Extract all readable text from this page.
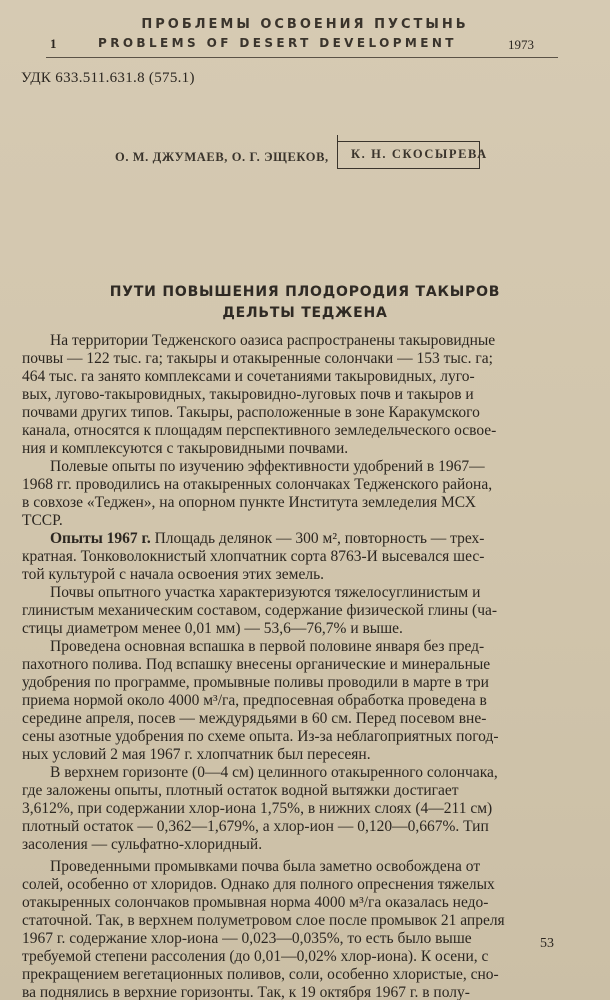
ПРОБЛЕМЫ ОСВОЕНИЯ ПУСТЫНЬ
1	PROBLEMS OF DESERT DEVELOPMENT	1973
УДК 633.511.631.8 (575.1)
О. М. ДЖУМАЕВ, О. Г. ЭЩЕКОВ, К. Н. СКОСЫРЕВА
ПУТИ ПОВЫШЕНИЯ ПЛОДОРОДИЯ ТАКЫРОВ
ДЕЛЬТЫ ТЕДЖЕНА
На территории Тедженского оазиса распространены такыровидные
почвы — 122 тыс. га; такыры и отакыренные солончаки — 153 тыс. га;
464 тыс. га занято комплексами и сочетаниями такыровидных, луго-
вых, лугово-такыровидных, такыровидно-луговых почв и такыров и
почвами других типов. Такыры, расположенные в зоне Каракумского
канала, относятся к площадям перспективного земледельческого освое-
ния и комплексуются с такыровидными почвами.
Полевые опыты по изучению эффективности удобрений в 1967—
1968 гг. проводились на отакыренных солончаках Тедженского района,
в совхозе «Теджен», на опорном пункте Института земледелия МСХ
ТССР.
Опыты 1967 г. Площадь делянок — 300 м², повторность — трех-
кратная. Тонковолокнистый хлопчатник сорта 8763-И высевался шес-
той культурой с начала освоения этих земель.
Почвы опытного участка характеризуются тяжелосуглинистым и
глинистым механическим составом, содержание физической глины (ча-
стицы диаметром менее 0,01 мм) — 53,6—76,7% и выше.
Проведена основная вспашка в первой половине января без пред-
пахотного полива. Под вспашку внесены органические и минеральные
удобрения по программе, промывные поливы проводили в марте в три
приема нормой около 4000 м³/га, предпосевная обработка проведена в
середине апреля, посев — междурядьями в 60 см. Перед посевом вне-
сены азотные удобрения по схеме опыта. Из-за неблагоприятных погод-
ных условий 2 мая 1967 г. хлопчатник был пересеян.
В верхнем горизонте (0—4 см) целинного отакыренного солончака,
где заложены опыты, плотный остаток водной вытяжки достигает
3,612%, при содержании хлор-иона 1,75%, в нижних слоях (4—211 см)
плотный остаток — 0,362—1,679%, а хлор-ион — 0,120—0,667%. Тип
засоления — сульфатно-хлоридный.
Проведенными промывками почва была заметно освобождена от
солей, особенно от хлоридов. Однако для полного опреснения тяжелых
отакыренных солончаков промывная норма 4000 м³/га оказалась недо-
статочной. Так, в верхнем полуметровом слое после промывок 21 апреля
1967 г. содержание хлор-иона — 0,023—0,035%, то есть было выше
требуемой степени рассоления (до 0,01—0,02% хлор-иона). К осени, с
прекращением вегетационных поливов, соли, особенно хлористые, сно-
ва поднялись в верхние горизонты. Так, к 19 октября 1967 г. в полу-
53
